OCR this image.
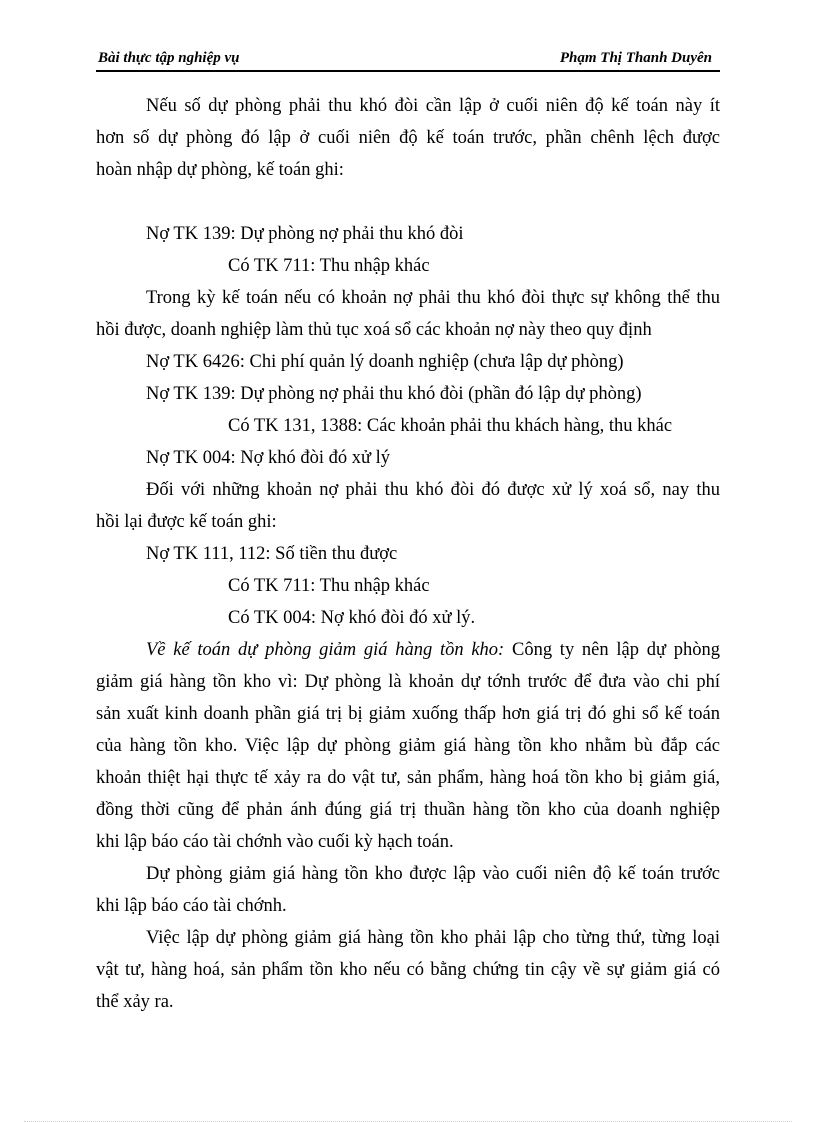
Bài thực tập nghiệp vụ	Phạm Thị Thanh Duyên
Nếu số dự phòng phải thu khó đòi cần lập ở cuối niên độ kế toán này ít
hơn số dự phòng đó lập ở cuối niên độ kế toán trước, phần chênh lệch được
hoàn nhập dự phòng, kế toán ghi:
Nợ TK 139: Dự phòng nợ phải thu khó đòi
Có TK 711: Thu nhập khác
Trong kỳ kế toán nếu có khoản nợ phải thu khó đòi thực sự không thể thu
hồi được, doanh nghiệp làm thủ tục xoá sổ các khoản nợ này theo quy định
Nợ TK 6426: Chi phí quản lý doanh nghiệp (chưa lập dự phòng)
Nợ TK 139: Dự phòng nợ phải thu khó đòi (phần đó lập dự phòng)
Có TK 131, 1388: Các khoản phải thu khách hàng, thu khác
Nợ TK 004: Nợ khó đòi đó xử lý
Đối với những khoản nợ phải thu khó đòi đó được xử lý xoá sổ, nay thu
hồi lại được kế toán ghi:
Nợ TK 111, 112: Số tiền thu được
Có TK 711: Thu nhập khác
Có TK 004: Nợ khó đòi đó xử lý.
Về kế toán dự phòng giảm giá hàng tồn kho: Công ty nên lập dự phòng
giảm giá hàng tồn kho vì: Dự phòng là khoản dự tớnh trước để đưa vào chi phí
sản xuất kinh doanh phần giá trị bị giảm xuống thấp hơn giá trị đó ghi sổ kế toán
của hàng tồn kho. Việc lập dự phòng giảm giá hàng tồn kho nhằm bù đắp các
khoản thiệt hại thực tế xảy ra do vật tư, sản phẩm, hàng hoá tồn kho bị giảm giá,
đồng thời cũng để phản ánh đúng giá trị thuần hàng tồn kho của doanh nghiệp
khi lập báo cáo tài chớnh vào cuối kỳ hạch toán.
Dự phòng giảm giá hàng tồn kho được lập vào cuối niên độ kế toán trước
khi lập báo cáo tài chớnh.
Việc lập dự phòng giảm giá hàng tồn kho phải lập cho từng thứ, từng loại
vật tư, hàng hoá, sản phẩm tồn kho nếu có bằng chứng tin cậy về sự giảm giá có
thể xảy ra.
